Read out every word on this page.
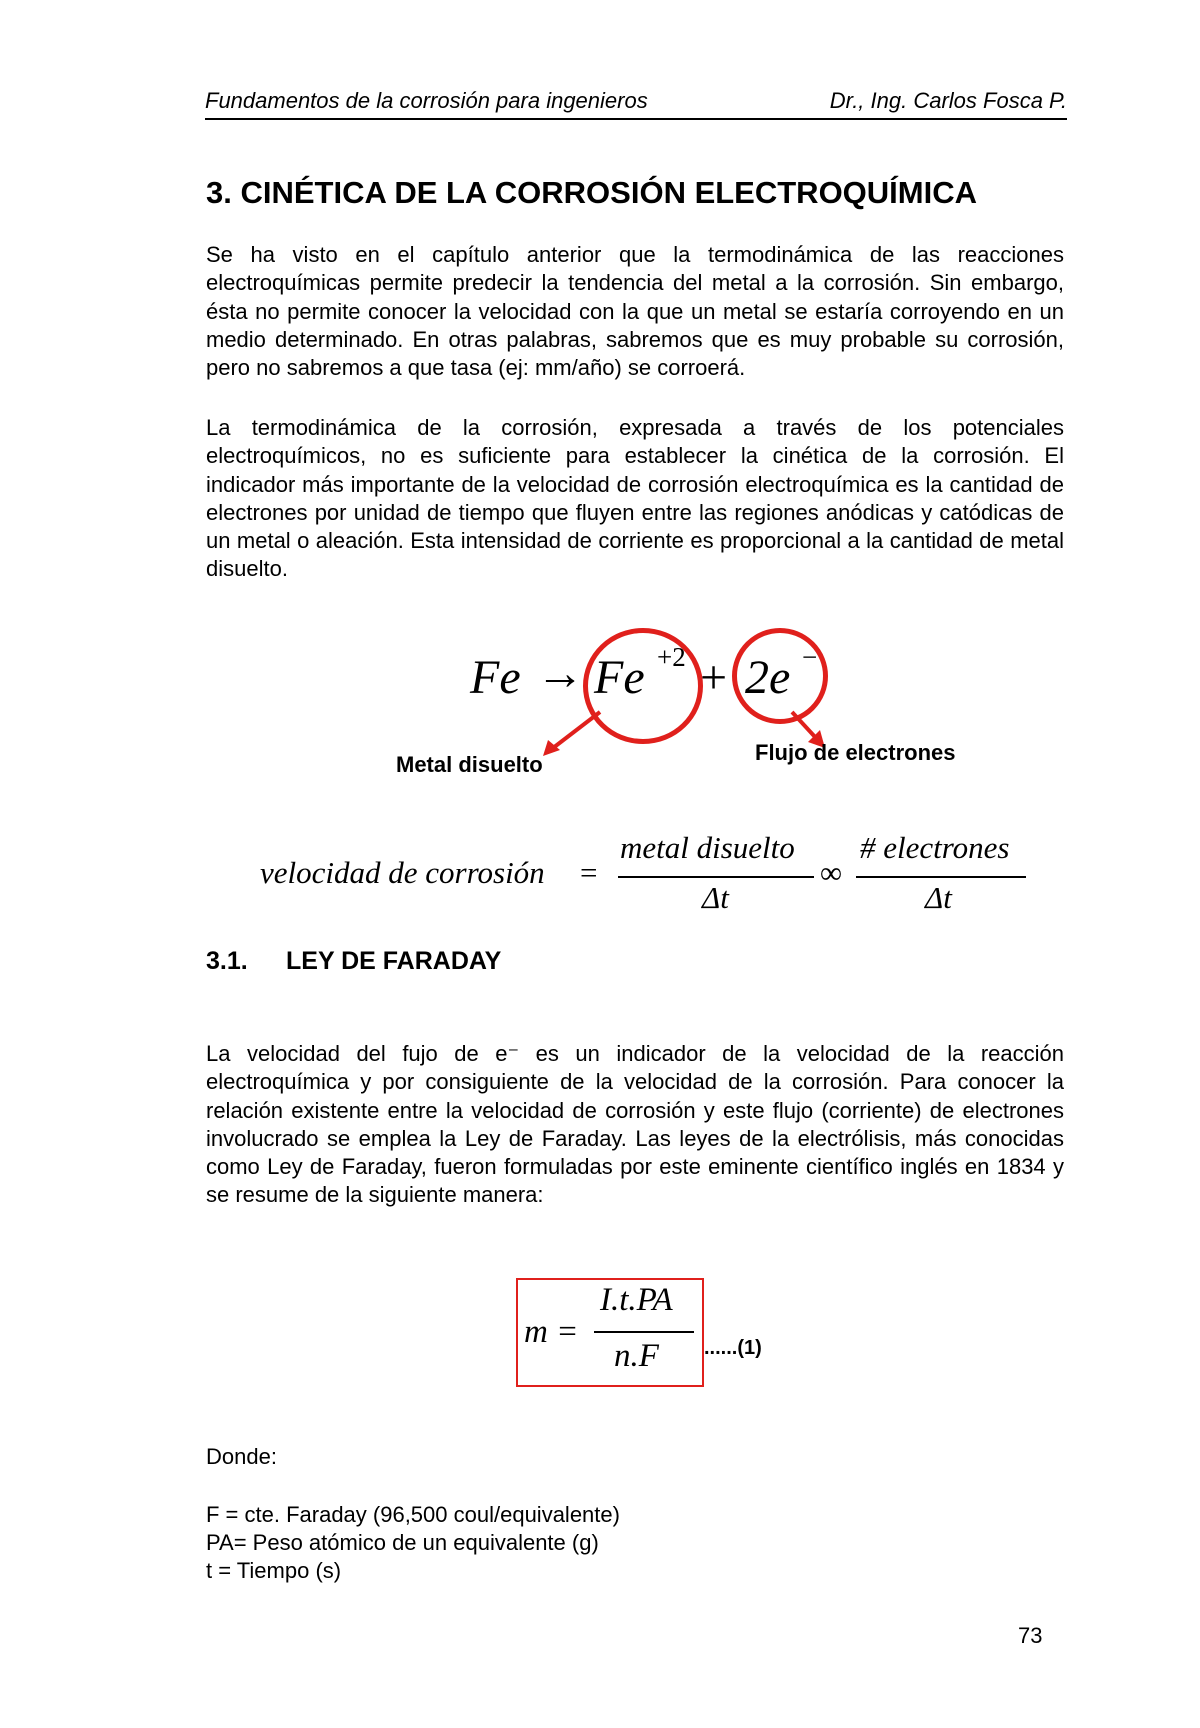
Fundamentos de la corrosión para ingenieros	Dr., Ing. Carlos Fosca P.
3. CINÉTICA DE LA CORROSIÓN ELECTROQUÍMICA

Se ha visto en el capítulo anterior que la termodinámica de las reacciones electroquímicas permite predecir la tendencia del metal a la corrosión. Sin embargo, ésta no permite conocer la velocidad con la que un metal se estaría corroyendo en un medio determinado. En otras palabras, sabremos que es muy probable su corrosión, pero no sabremos a que tasa (ej: mm/año) se corroerá.

La termodinámica de la corrosión, expresada a través de los potenciales electroquímicos, no es suficiente para establecer la cinética de la corrosión. El indicador más importante de la velocidad de corrosión electroquímica es la cantidad de electrones por unidad de tiempo que fluyen entre las regiones anódicas y catódicas de un metal o aleación. Esta intensidad de corriente es proporcional a la cantidad de metal disuelto.

Fe → Fe +2 + 2e −
Metal disuelto	Flujo de electrones
velocidad de corrosión =
metal disuelto
Δt
∞
# electrones
Δt
3.1. LEY DE FARADAY

La velocidad del fujo de e⁻ es un indicador de la velocidad de la reacción electroquímica y por consiguiente de la velocidad de la corrosión. Para conocer la relación existente entre la velocidad de corrosión y este flujo (corriente) de electrones involucrado se emplea la Ley de Faraday. Las leyes de la electrólisis, más conocidas como Ley de Faraday, fueron formuladas por este eminente científico inglés en 1834 y se resume de la siguiente manera:

m =
I.t.PA
n.F ......(1)

Donde:

F = cte. Faraday (96,500 coul/equivalente)

PA= Peso atómico de un equivalente (g)

t = Tiempo (s)

73
